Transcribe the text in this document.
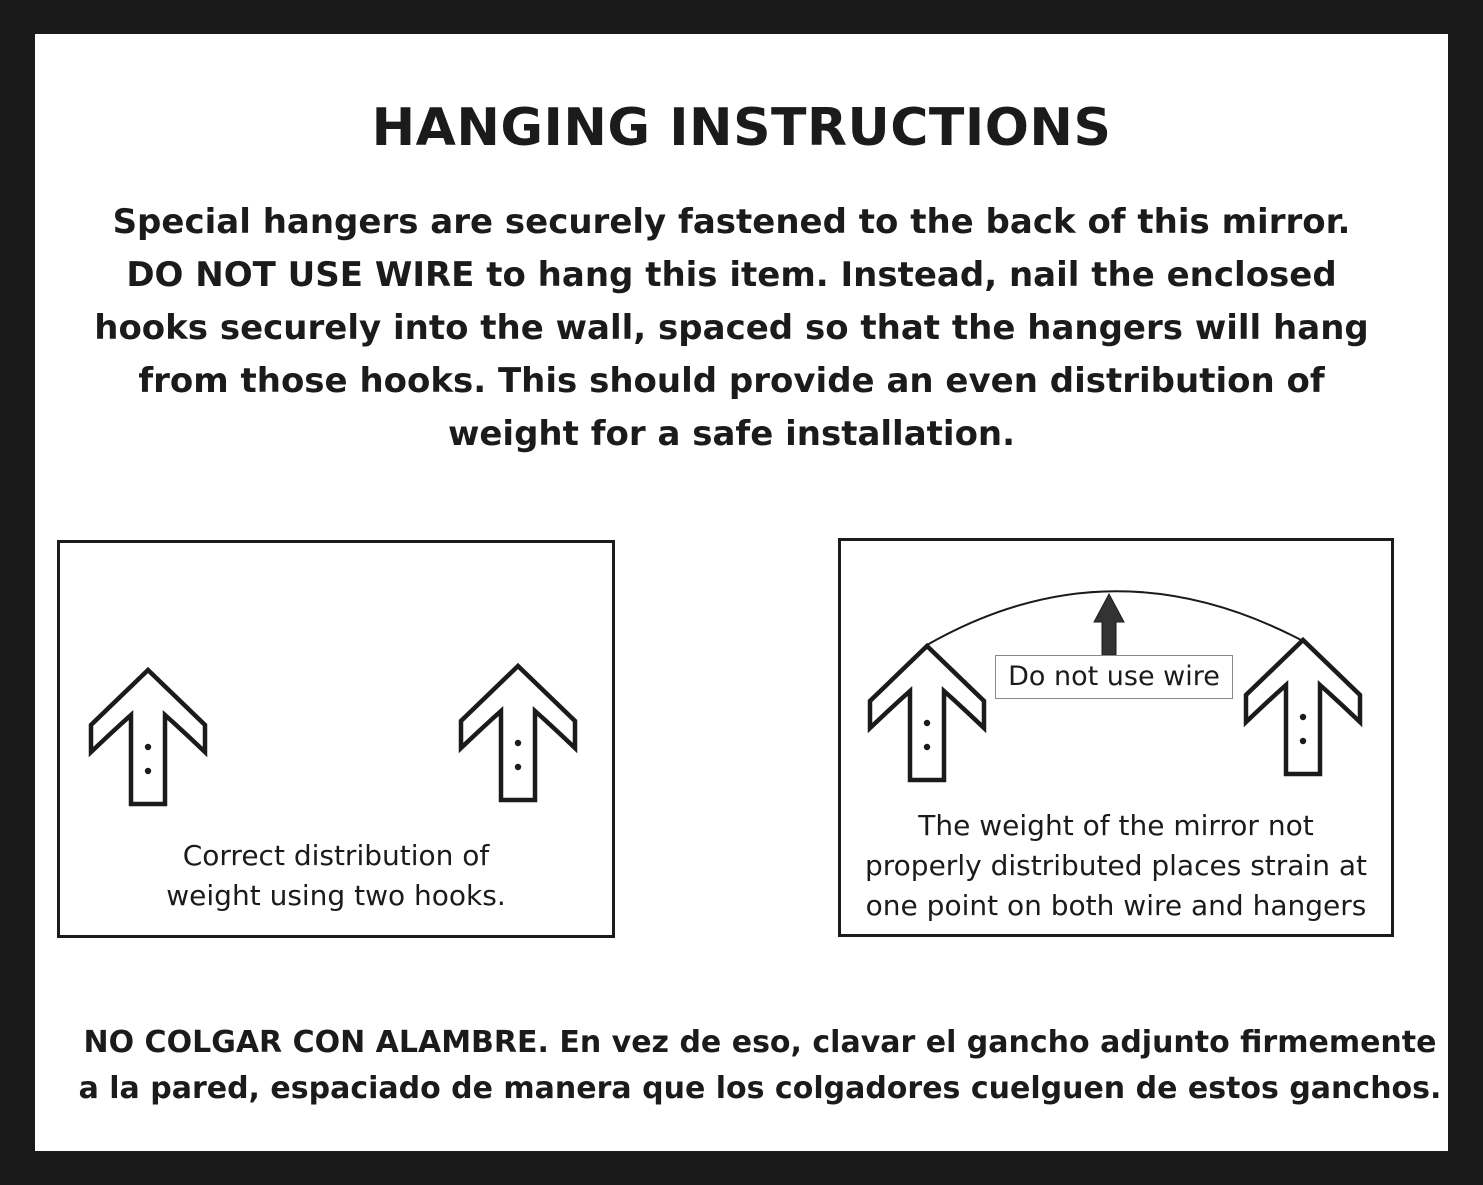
HANGING INSTRUCTIONS
Special hangers are securely fastened to the back of this mirror.
DO NOT USE WIRE to hang this item. Instead, nail the enclosed
hooks securely into the wall, spaced so that the hangers will hang
from those hooks. This should provide an even distribution of
weight for a safe installation.
Do not use wire
Correct distribution of
weight using two hooks.
The weight of the mirror not
properly distributed places strain at
one point on both wire and hangers
NO COLGAR CON ALAMBRE. En vez de eso, clavar el gancho adjunto firmemente
a la pared, espaciado de manera que los colgadores cuelguen de estos ganchos.
